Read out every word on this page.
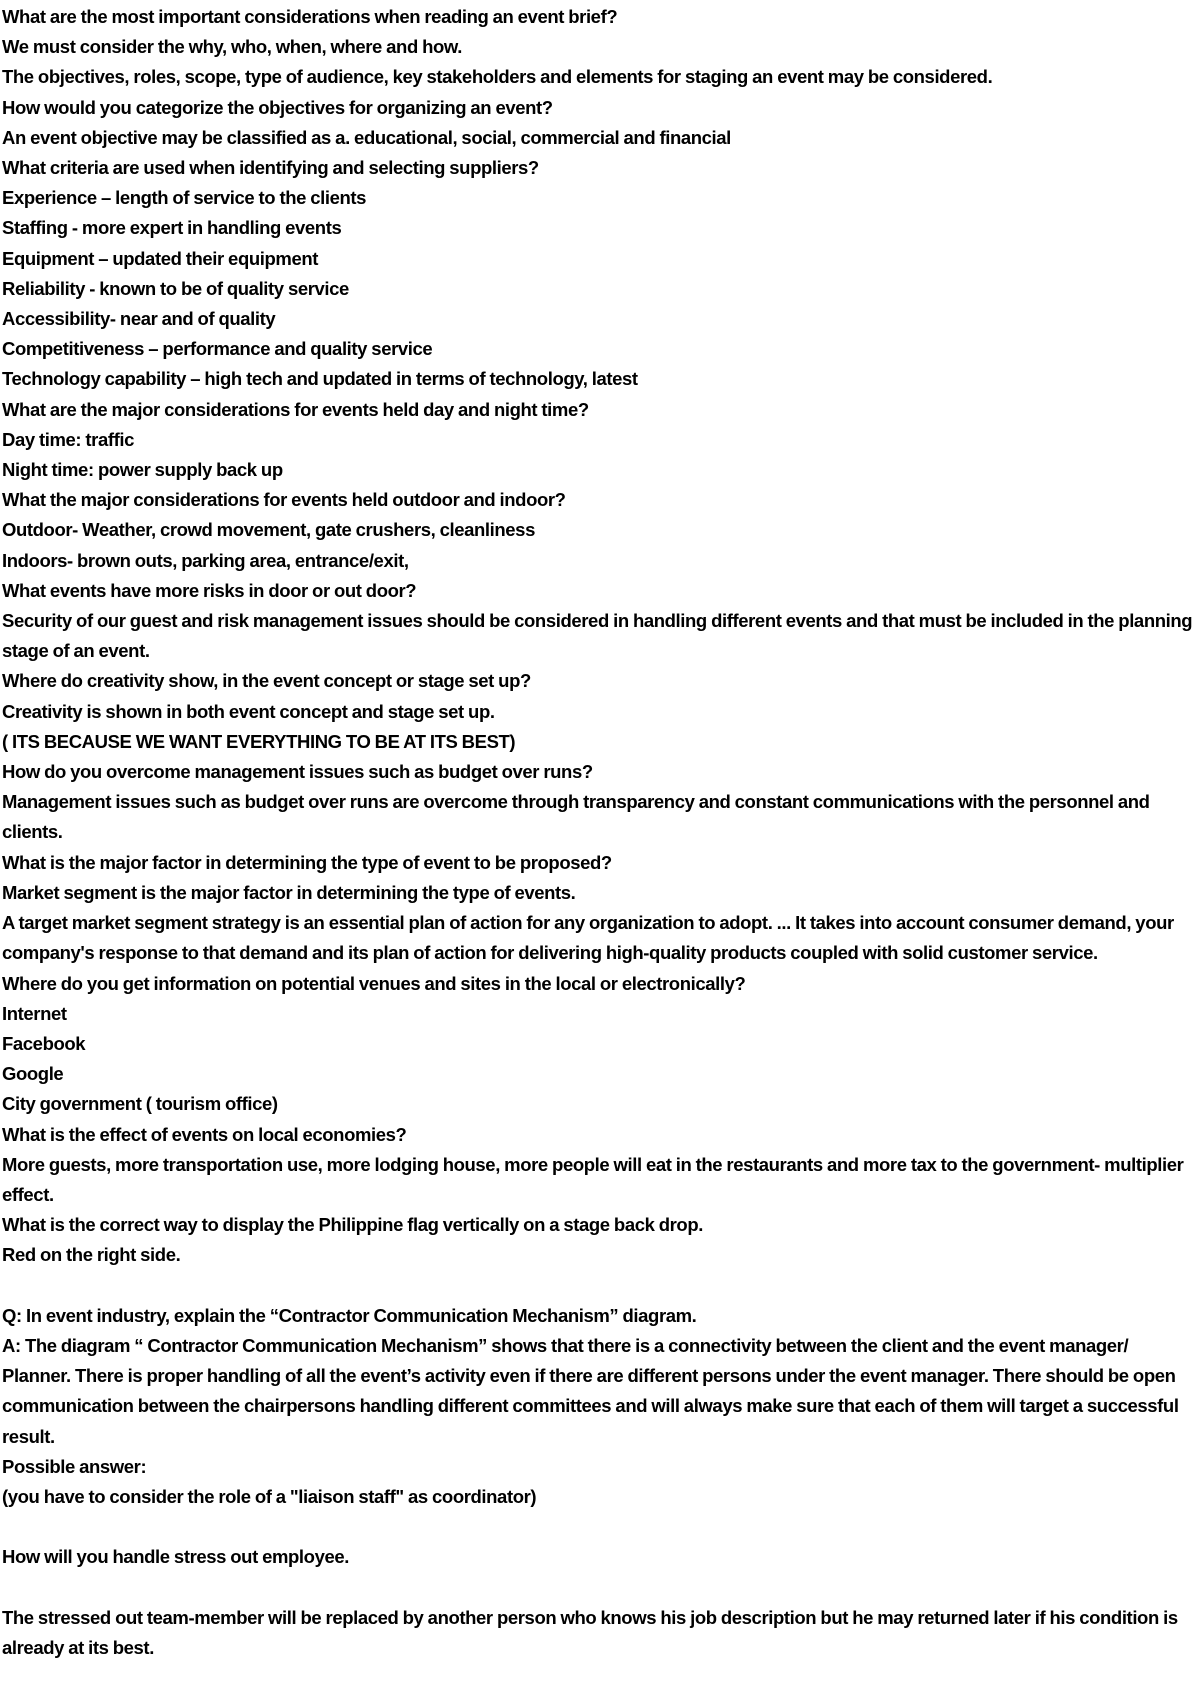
What are the most important considerations when reading an event brief?

We must consider the why, who, when, where and how.

The objectives, roles, scope, type of audience, key stakeholders and elements for staging an event may be considered.

How would you categorize the objectives for organizing an event?

An event objective may be classified as a. educational, social, commercial and financial

What criteria are used when identifying and selecting suppliers?

Experience – length of service to the clients

Staffing - more expert in handling events

Equipment – updated their equipment

Reliability - known to be of quality service

Accessibility- near and of quality

Competitiveness – performance and quality service

Technology capability – high tech and updated in terms of technology, latest

What are the major considerations for events held day and night time?

Day time: traffic

Night time: power supply back up

What the major considerations for events held outdoor and indoor?

Outdoor- Weather, crowd movement, gate crushers, cleanliness

Indoors- brown outs, parking area, entrance/exit,

What events have more risks in door or out door?

Security of our guest and risk management issues should be considered in handling different events and that must be included in the planning stage of an event.

Where do creativity show, in the event concept or stage set up?

Creativity is shown in both event concept and stage set up.

( ITS BECAUSE WE WANT EVERYTHING TO BE AT ITS BEST)

How do you overcome management issues such as budget over runs?

Management issues such as budget over runs are overcome through transparency and constant communications with the personnel and clients.

What is the major factor in determining the type of event to be proposed?

Market segment is the major factor in determining the type of events.

A target market segment strategy is an essential plan of action for any organization to adopt. ... It takes into account consumer demand, your company's response to that demand and its plan of action for delivering high-quality products coupled with solid customer service.

Where do you get information on potential venues and sites in the local or electronically?

Internet

Facebook

Google

City government ( tourism office)

What is the effect of events on local economies?

More guests, more transportation use, more lodging house, more people will eat in the restaurants and more tax to the government- multiplier effect.

What is the correct way to display the Philippine flag vertically on a stage back drop.

Red on the right side.

Q: In event industry, explain the “Contractor Communication Mechanism” diagram.

A: The diagram “ Contractor Communication Mechanism” shows that there is a connectivity between the client and the event manager/ Planner. There is proper handling of all the event’s activity even if there are different persons under the event manager. There should be open communication between the chairpersons handling different committees and will always make sure that each of them will target a successful result.

Possible answer:

(you have to consider the role of a "liaison staff" as coordinator)

How will you handle stress out employee.

The stressed out team-member will be replaced by another person who knows his job description but he may returned later if his condition is already at its best.
